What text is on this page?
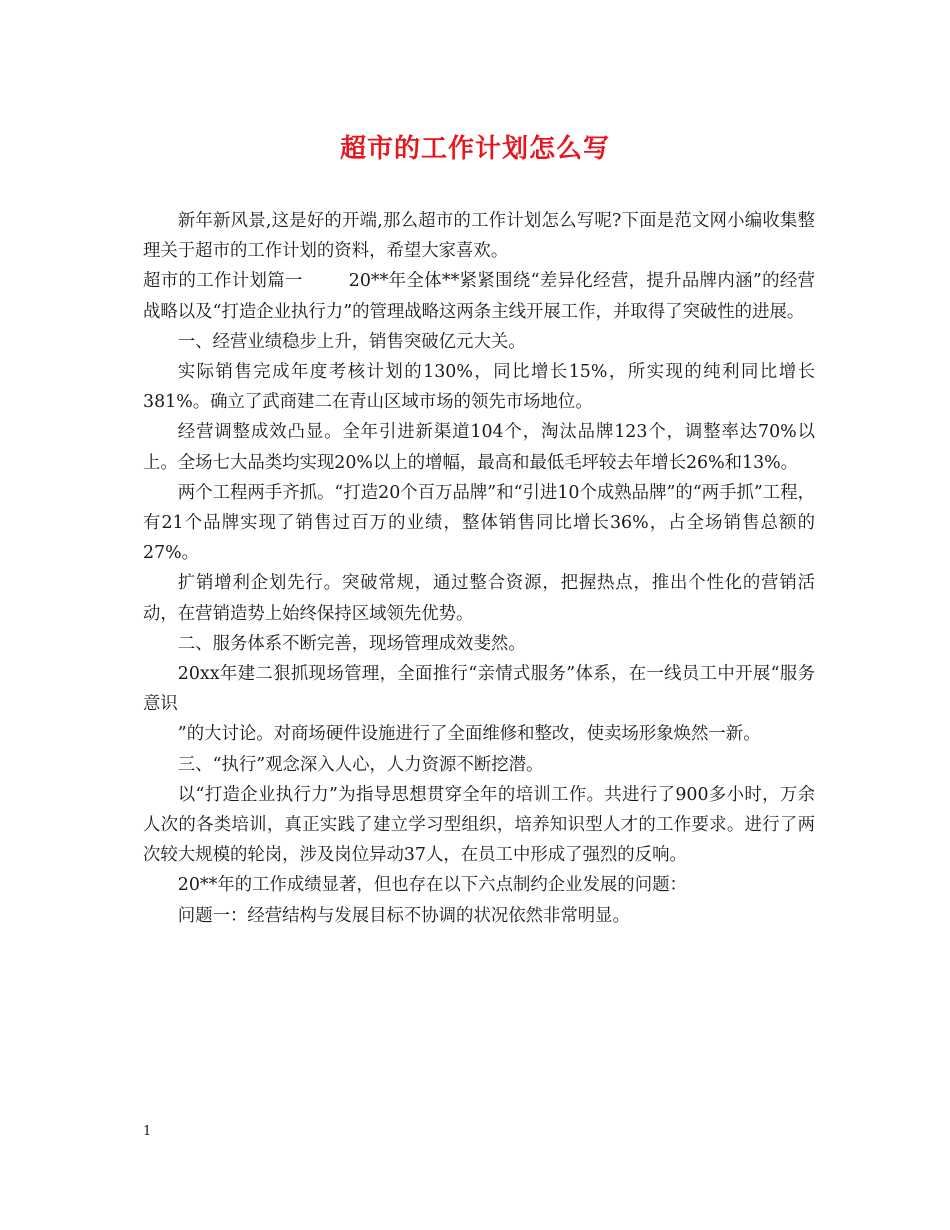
超市的工作计划怎么写

新年新风景,这是好的开端,那么超市的工作计划怎么写呢?下面是范文网小编收集整理关于超市的工作计划的资料，希望大家喜欢。

超市的工作计划篇一	20**年全体**紧紧围绕“差异化经营，提升品牌内涵”的经营战略以及“打造企业执行力”的管理战略这两条主线开展工作，并取得了突破性的进展。

一、经营业绩稳步上升，销售突破亿元大关。

实际销售完成年度考核计划的130%，同比增长15%，所实现的纯利同比增长381%。确立了武商建二在青山区域市场的领先市场地位。

经营调整成效凸显。全年引进新渠道104个，淘汰品牌123个，调整率达70%以上。全场七大品类均实现20%以上的增幅，最高和最低毛坪较去年增长26%和13%。

两个工程两手齐抓。“打造20个百万品牌”和“引进10个成熟品牌”的“两手抓”工程，有21个品牌实现了销售过百万的业绩，整体销售同比增长36%，占全场销售总额的27%。

扩销增利企划先行。突破常规，通过整合资源，把握热点，推出个性化的营销活动，在营销造势上始终保持区域领先优势。

二、服务体系不断完善，现场管理成效斐然。

20xx年建二狠抓现场管理，全面推行“亲情式服务”体系，在一线员工中开展“服务意识

”的大讨论。对商场硬件设施进行了全面维修和整改，使卖场形象焕然一新。

三、“执行”观念深入人心，人力资源不断挖潜。

以“打造企业执行力”为指导思想贯穿全年的培训工作。共进行了900多小时，万余人次的各类培训，真正实践了建立学习型组织，培养知识型人才的工作要求。进行了两次较大规模的轮岗，涉及岗位异动37人，在员工中形成了强烈的反响。

20**年的工作成绩显著，但也存在以下六点制约企业发展的问题：

问题一：经营结构与发展目标不协调的状况依然非常明显。

1
